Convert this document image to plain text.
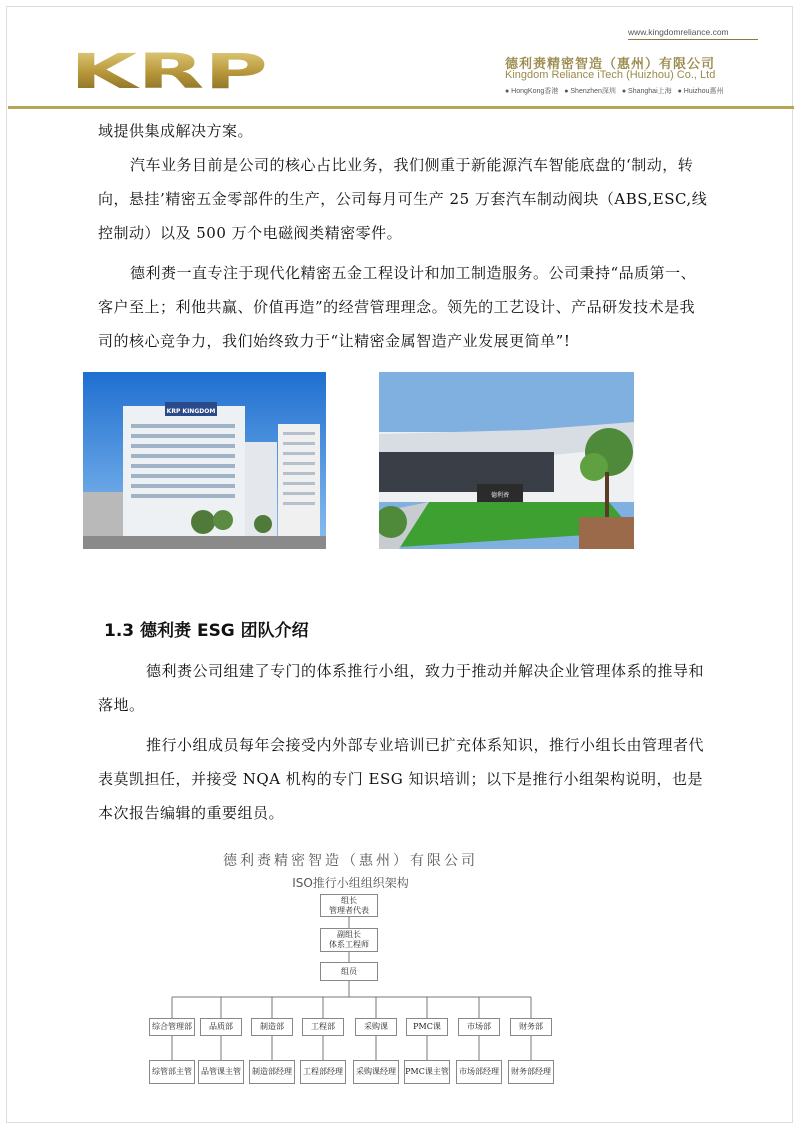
KRP
www.kingdomreliance.com
德利赉精密智造（惠州）有限公司
Kingdom Reliance iTech (Huizhou) Co., Ltd
● HongKong香港 ● Shenzhen深圳 ● Shanghai上海 ● Huizhou惠州
域提供集成解决方案。
汽车业务目前是公司的核心占比业务，我们侧重于新能源汽车智能底盘的‘制动，转向，悬挂’精密五金零部件的生产，公司每月可生产 25 万套汽车制动阀块（ABS,ESC,线控制动）以及 500 万个电磁阀类精密零件。
德利赉一直专注于现代化精密五金工程设计和加工制造服务。公司秉持“品质第一、客户至上；利他共赢、价值再造”的经营管理理念。领先的工艺设计、产品研发技术是我司的核心竞争力，我们始终致力于“让精密金属智造产业发展更简单”!
KRP KINGDOM
德利赉
1.3 德利赉 ESG 团队介绍
德利赉公司组建了专门的体系推行小组，致力于推动并解决企业管理体系的推导和落地。
推行小组成员每年会接受内外部专业培训已扩充体系知识，推行小组长由管理者代表莫凯担任，并接受 NQA 机构的专门 ESG 知识培训；以下是推行小组架构说明，也是本次报告编辑的重要组员。
德利赉精密智造（惠州）有限公司
ISO推行小组组织架构
组长
管理者代表
副组长
体系工程师
组员
综合管理部	品质部	制造部	工程部	采购课	PMC课	市场部	财务部
综管部主管	品管课主管	制造部经理	工程部经理	采购课经理	PMC课主管	市场部经理	财务部经理
